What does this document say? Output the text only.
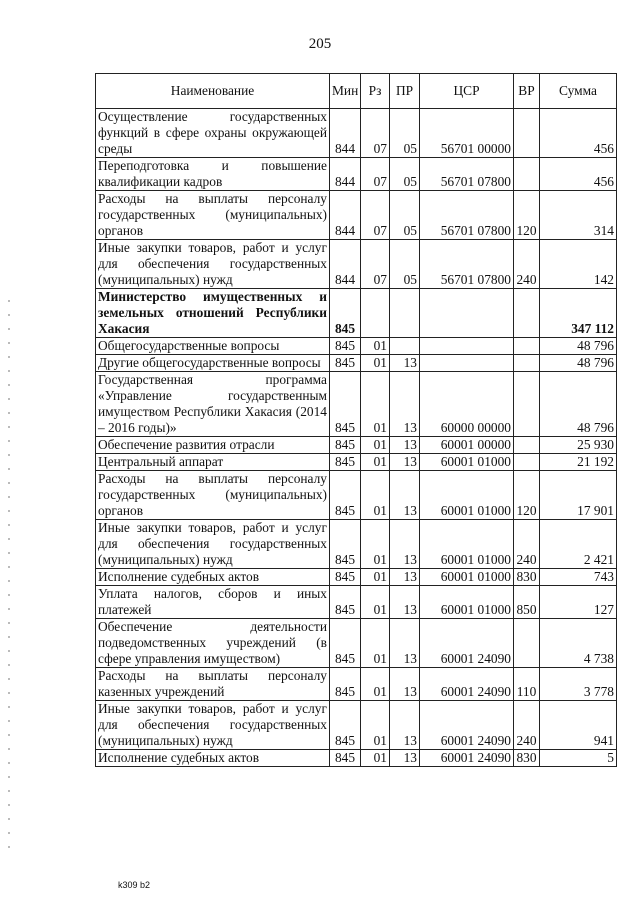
205
Наименование	Мин	Рз	ПР	ЦСР	ВР	Сумма
Осуществление государственных функций в сфере охраны окружающей среды	844	07	05	56701 00000		456
Переподготовка и повышение квалификации кадров	844	07	05	56701 07800		456
Расходы на выплаты персоналу государственных (муниципальных) органов	844	07	05	56701 07800	120	314
Иные закупки товаров, работ и услуг для обеспечения государственных (муниципальных) нужд	844	07	05	56701 07800	240	142
Министерство имущественных и земельных отношений Республики Хакасия	845					347 112
Общегосударственные вопросы	845	01				48 796
Другие общегосударственные вопросы	845	01	13			48 796
Государственная программа «Управление государственным имуществом Республики Хакасия (2014 – 2016 годы)»	845	01	13	60000 00000		48 796
Обеспечение развития отрасли	845	01	13	60001 00000		25 930
Центральный аппарат	845	01	13	60001 01000		21 192
Расходы на выплаты персоналу государственных (муниципальных) органов	845	01	13	60001 01000	120	17 901
Иные закупки товаров, работ и услуг для обеспечения государственных (муниципальных) нужд	845	01	13	60001 01000	240	2 421
Исполнение судебных актов	845	01	13	60001 01000	830	743
Уплата налогов, сборов и иных платежей	845	01	13	60001 01000	850	127
Обеспечение деятельности подведомственных учреждений (в сфере управления имуществом)	845	01	13	60001 24090		4 738
Расходы на выплаты персоналу казенных учреждений	845	01	13	60001 24090	110	3 778
Иные закупки товаров, работ и услуг для обеспечения государственных (муниципальных) нужд	845	01	13	60001 24090	240	941
Исполнение судебных актов	845	01	13	60001 24090	830	5
k309 b2
